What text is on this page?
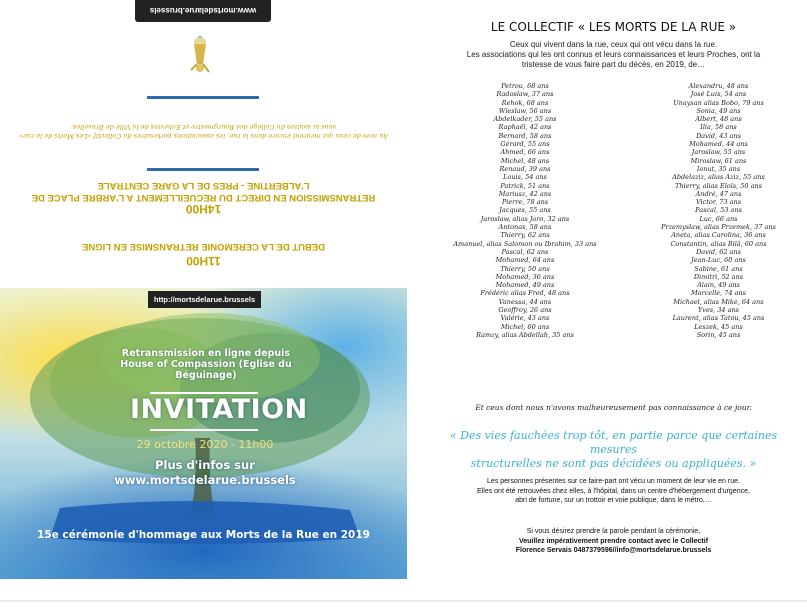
www.mortsdelarue.brussels
Au nom de ceux qui meurent encore dans la rue, les associations partenaires du Collectif «Les Morts de la rue»
vous la soutien du Collège des Bourgmestre et Echevins de la Ville de Bruxelles.
14H00
RETRANSMISSION EN DIRECT DU RECUEILLEMENT A L'ARBRE PLACE DE
L'ALBERTINE - PRES DE LA GARE CENTRALE
11H00
DEBUT DE LA CEREMONIE RETRANSMISE EN LIGNE
http://mortsdelarue.brussels
Retransmission en ligne depuis House of Compassion (Eglise du Béguinage)
INVITATION
29 octobre 2020 - 11h00
Plus d'infos sur
www.mortsdelarue.brussels
15e cérémonie d'hommage aux Morts de la Rue en 2019
LE COLLECTIF « LES MORTS DE LA RUE »
Ceux qui vivent dans la rue, ceux qui ont vécu dans la rue.
Les associations qui les ont connus et leurs connaissances et leurs Proches, ont la
tristesse de vous faire part du décès, en 2019, de…
Petrou, 68 ans
Radoslaw, 37 ans
Rehok, 68 ans
Wieslaw, 56 ans
Abdelkader, 55 ans
Raphaël, 42 ans
Bernard, 58 ans
Gérard, 55 ans
Ahmed, 66 ans
Michel, 48 ans
Renaud, 39 ans
Louis, 54 ans
Patrick, 51 ans
Mariusz, 42 ans
Pierre, 78 ans
Jacques, 55 ans
Jaroslaw, alias Jaro, 32 ans
Antonas, 58 ans
Thierry, 62 ans
Amanuel, alias Salomon ou Ibrahim, 33 ans
Pascal, 62 ans
Mohamed, 64 ans
Thierry, 50 ans
Mohamed, 36 ans
Mohamed, 49 ans
Frédéric alias Fred, 48 ans
Vanessa, 44 ans
Geoffroy, 26 ans
Valérie, 43 ans
Michel, 60 ans
Ramzy, alias Abdellah, 35 ans
Alexandru, 48 ans
José Luis, 54 ans
Unaysan alias Bobo, 79 ans
Sonia, 49 ans
Albert, 48 ans
Ilia, 58 ans
David, 43 ans
Mohamed, 44 ans
Jaroslaw, 55 ans
Miroslaw, 61 ans
Ionut, 35 ans
Abdelaziz, alias Aziz, 55 ans
Thierry, alias Eloïs, 50 ans
André, 47 ans
Victor, 73 ans
Pascal, 53 ans
Luc, 66 ans
Przemyslaw, alias Przemek, 37 ans
Aneta, alias Carolina, 36 ans
Constantin, alias Bilâ, 60 ans
David, 62 ans
Jean-Luc, 60 ans
Sabine, 61 ans
Dimitri, 52 ans
Alain, 49 ans
Marcelle, 74 ans
Michael, alias Mike, 64 ans
Yves, 34 ans
Laurent, alias Tatou, 45 ans
Leszek, 45 ans
Sorin, 45 ans
Et ceux dont nous n'avons malheureusement pas connaissance à ce jour.
« Des vies fauchées trop tôt, en partie parce que certaines mesures
structurelles ne sont pas décidées ou appliquées. »
Les personnes présentes sur ce faire-part ont vécu un moment de leur vie en rue.
Elles ont été retrouvées chez elles, à l'hôpital, dans un centre d'hébergement d'urgence,
abri de fortune, sur un trottoir et voie publique, dans le métro,…
Si vous désirez prendre la parole pendant la cérémonie,
Veuillez impérativement prendre contact avec le Collectif
Florence Servais 0487379596//info@mortsdelarue.brussels
